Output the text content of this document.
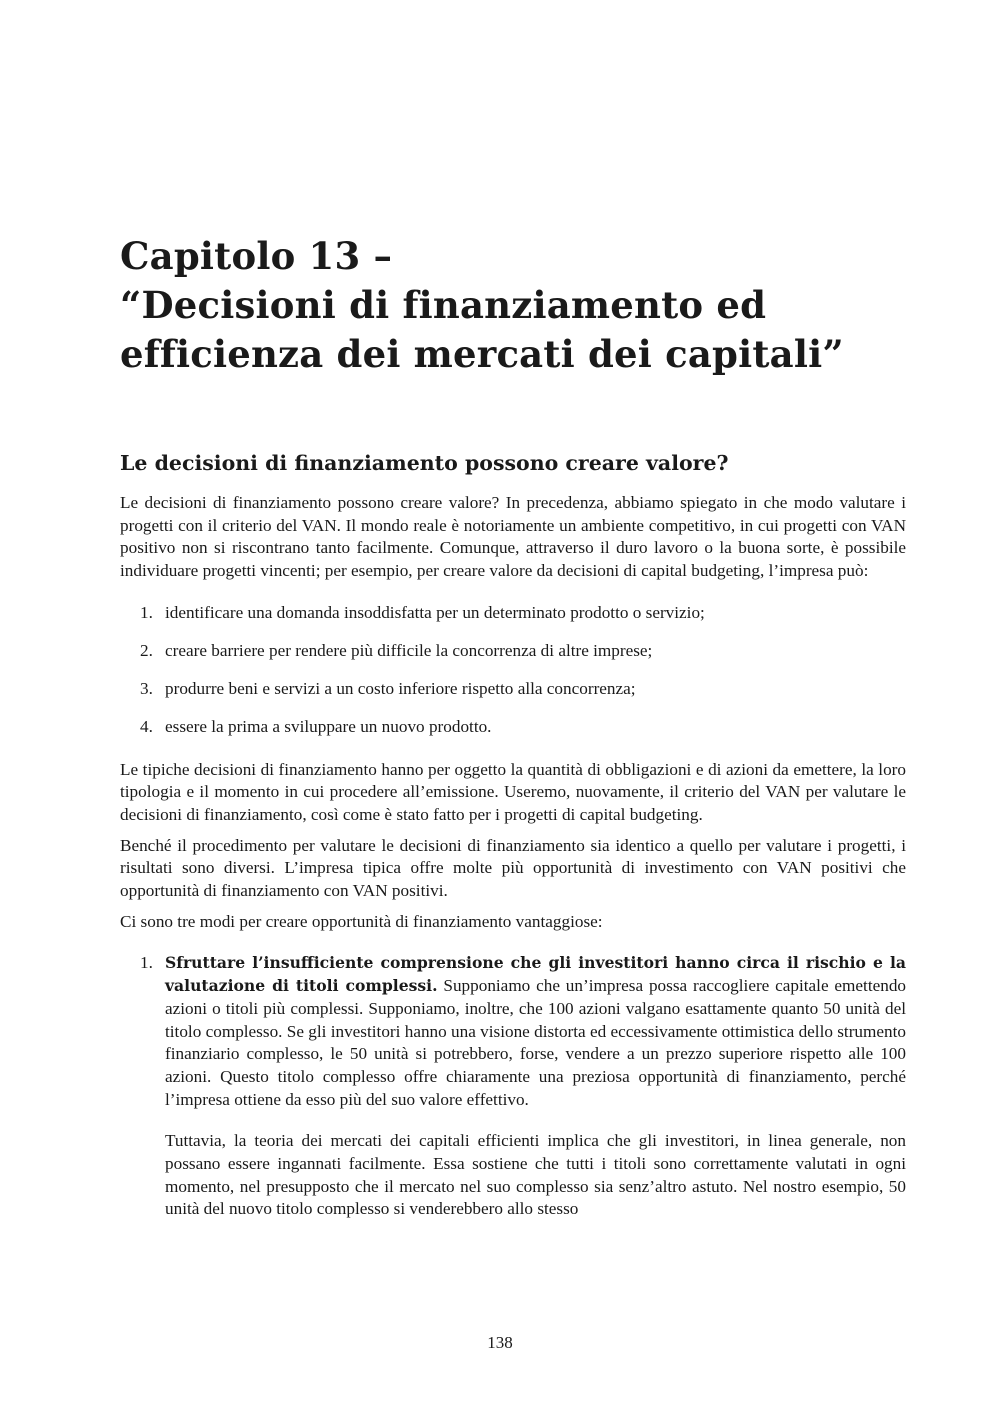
Capitolo 13 –
“Decisioni di finanziamento ed
efficienza dei mercati dei capitali”
Le decisioni di finanziamento possono creare valore?

Le decisioni di finanziamento possono creare valore? In precedenza, abbiamo spiegato in che modo valutare i progetti con il criterio del VAN. Il mondo reale è notoriamente un ambiente competitivo, in cui progetti con VAN positivo non si riscontrano tanto facilmente. Comunque, attraverso il duro lavoro o la buona sorte, è possibile individuare progetti vincenti; per esempio, per creare valore da decisioni di capital budgeting, l’impresa può:

1. identificare una domanda insoddisfatta per un determinato prodotto o servizio;
2. creare barriere per rendere più difficile la concorrenza di altre imprese;
3. produrre beni e servizi a un costo inferiore rispetto alla concorrenza;
4. essere la prima a sviluppare un nuovo prodotto.

Le tipiche decisioni di finanziamento hanno per oggetto la quantità di obbligazioni e di azioni da emettere, la loro tipologia e il momento in cui procedere all’emissione. Useremo, nuovamente, il criterio del VAN per valutare le decisioni di finanziamento, così come è stato fatto per i progetti di capital budgeting.

Benché il procedimento per valutare le decisioni di finanziamento sia identico a quello per valutare i progetti, i risultati sono diversi. L’impresa tipica offre molte più opportunità di investimento con VAN positivi che opportunità di finanziamento con VAN positivi.

Ci sono tre modi per creare opportunità di finanziamento vantaggiose:

1. Sfruttare l’insufficiente comprensione che gli investitori hanno circa il rischio e la valutazione di titoli complessi. Supponiamo che un’impresa possa raccogliere capitale emettendo azioni o titoli più complessi. Supponiamo, inoltre, che 100 azioni valgano esattamente quanto 50 unità del titolo complesso. Se gli investitori hanno una visione distorta ed eccessivamente ottimistica dello strumento finanziario complesso, le 50 unità si potrebbero, forse, vendere a un prezzo superiore rispetto alle 100 azioni. Questo titolo complesso offre chiaramente una preziosa opportunità di finanziamento, perché l’impresa ottiene da esso più del suo valore effettivo.

Tuttavia, la teoria dei mercati dei capitali efficienti implica che gli investitori, in linea generale, non possano essere ingannati facilmente. Essa sostiene che tutti i titoli sono correttamente valutati in ogni momento, nel presupposto che il mercato nel suo complesso sia senz’altro astuto. Nel nostro esempio, 50 unità del nuovo titolo complesso si venderebbero allo stesso

138
